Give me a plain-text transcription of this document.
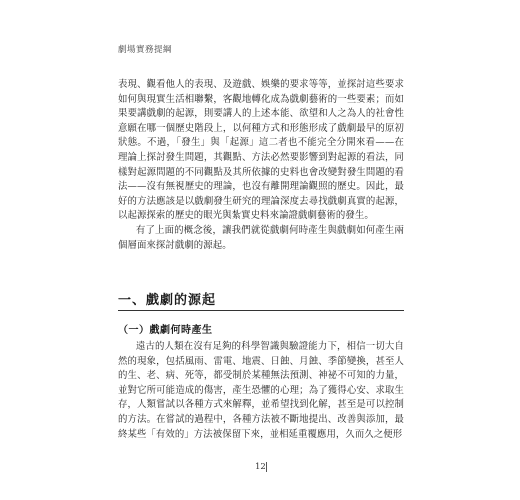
劇場實務提綱

表現、觀看他人的表現、及遊戲、娛樂的要求等等，並探討這些要求如何與現實生活相聯繫，客觀地轉化成為戲劇藝術的一些要素；而如果要講戲劇的起源，則要講人的上述本能、欲望和人之為人的社會性意願在哪一個歷史階段上，以何種方式和形態形成了戲劇最早的原初狀態。不過，「發生」與「起源」這二者也不能完全分開來看——在理論上探討發生問題，其觀點、方法必然要影響到對起源的看法，同樣對起源問題的不同觀點及其所依據的史料也會改變對發生問題的看法——沒有無視歷史的理論，也沒有離開理論觀照的歷史。因此，最好的方法應該是以戲劇發生研究的理論深度去尋找戲劇真實的起源，以起源探索的歷史的眼光與紮實史料來論證戲劇藝術的發生。

有了上面的概念後，讓我們就從戲劇何時產生與戲劇如何產生兩個層面來探討戲劇的源起。

一、戲劇的源起
（一）戲劇何時產生

遠古的人類在沒有足夠的科學智識與驗證能力下，相信一切大自然的現象，包括風雨、雷電、地震、日蝕、月蝕、季節變換，甚至人的生、老、病、死等，都受制於某種無法預測、神祕不可知的力量，並對它所可能造成的傷害，產生恐懼的心理；為了獲得心安、求取生存，人類嘗試以各種方式來解釋，並希望找到化解，甚至是可以控制的方法。在嘗試的過程中，各種方法被不斷地提出、改善與添加，最終某些「有效的」方法被保留下來，並相延重覆應用，久而久之便形

12
